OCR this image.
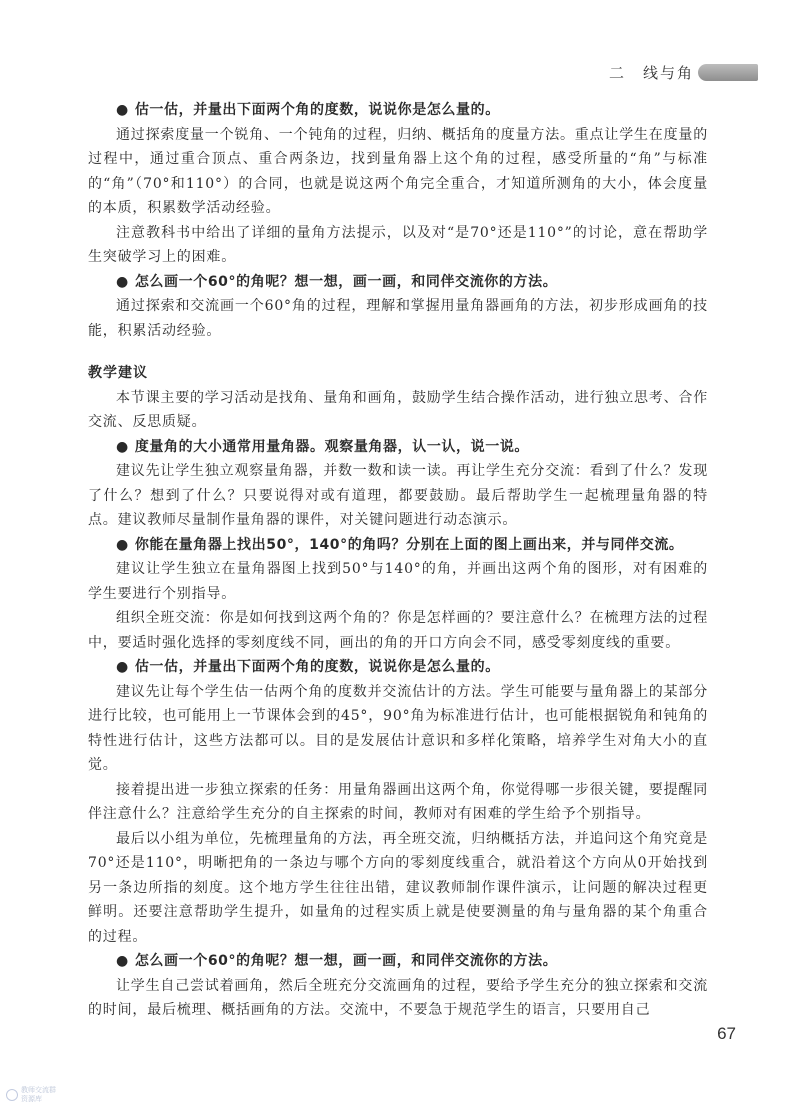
二　线与角

● 估一估，并量出下面两个角的度数，说说你是怎么量的。

通过探索度量一个锐角、一个钝角的过程，归纳、概括角的度量方法。重点让学生在度量的过程中，通过重合顶点、重合两条边，找到量角器上这个角的过程，感受所量的“角”与标准的“角”（70°和110°）的合同，也就是说这两个角完全重合，才知道所测角的大小，体会度量的本质，积累数学活动经验。

注意教科书中给出了详细的量角方法提示，以及对“是70°还是110°”的讨论，意在帮助学生突破学习上的困难。

● 怎么画一个60°的角呢？想一想，画一画，和同伴交流你的方法。

通过探索和交流画一个60°角的过程，理解和掌握用量角器画角的方法，初步形成画角的技能，积累活动经验。

教学建议

本节课主要的学习活动是找角、量角和画角，鼓励学生结合操作活动，进行独立思考、合作交流、反思质疑。

● 度量角的大小通常用量角器。观察量角器，认一认，说一说。

建议先让学生独立观察量角器，并数一数和读一读。再让学生充分交流：看到了什么？发现了什么？想到了什么？只要说得对或有道理，都要鼓励。最后帮助学生一起梳理量角器的特点。建议教师尽量制作量角器的课件，对关键问题进行动态演示。

● 你能在量角器上找出50°，140°的角吗？分别在上面的图上画出来，并与同伴交流。

建议让学生独立在量角器图上找到50°与140°的角，并画出这两个角的图形，对有困难的学生要进行个别指导。

组织全班交流：你是如何找到这两个角的？你是怎样画的？要注意什么？在梳理方法的过程中，要适时强化选择的零刻度线不同，画出的角的开口方向会不同，感受零刻度线的重要。

● 估一估，并量出下面两个角的度数，说说你是怎么量的。

建议先让每个学生估一估两个角的度数并交流估计的方法。学生可能要与量角器上的某部分进行比较，也可能用上一节课体会到的45°，90°角为标准进行估计，也可能根据锐角和钝角的特性进行估计，这些方法都可以。目的是发展估计意识和多样化策略，培养学生对角大小的直觉。

接着提出进一步独立探索的任务：用量角器画出这两个角，你觉得哪一步很关键，要提醒同伴注意什么？注意给学生充分的自主探索的时间，教师对有困难的学生给予个别指导。

最后以小组为单位，先梳理量角的方法，再全班交流，归纳概括方法，并追问这个角究竟是70°还是110°，明晰把角的一条边与哪个方向的零刻度线重合，就沿着这个方向从0开始找到另一条边所指的刻度。这个地方学生往往出错，建议教师制作课件演示，让问题的解决过程更鲜明。还要注意帮助学生提升，如量角的过程实质上就是使要测量的角与量角器的某个角重合的过程。

● 怎么画一个60°的角呢？想一想，画一画，和同伴交流你的方法。

让学生自己尝试着画角，然后全班充分交流画角的过程，要给予学生充分的独立探索和交流的时间，最后梳理、概括画角的方法。交流中，不要急于规范学生的语言，只要用自己

67
教师交流群
资源库
